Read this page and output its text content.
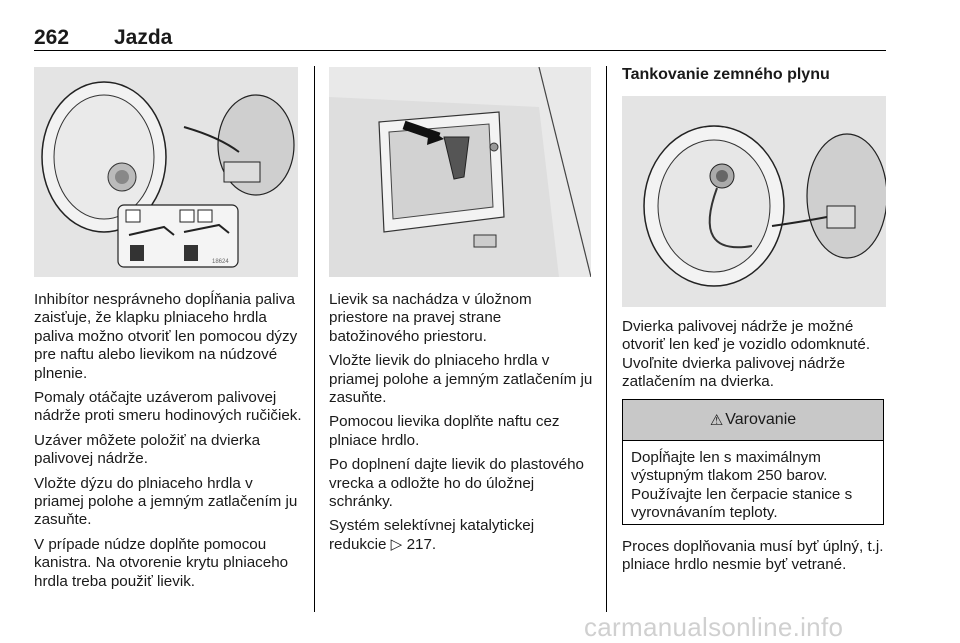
262 Jazda
18624

Inhibítor nesprávneho dopĺňania paliva zaisťuje, že klapku plniaceho hrdla paliva možno otvoriť len pomocou dýzy pre naftu alebo lievikom na núdzové plnenie.

Pomaly otáčajte uzáverom palivovej nádrže proti smeru hodinových ručičiek.

Uzáver môžete položiť na dvierka palivovej nádrže.

Vložte dýzu do plniaceho hrdla v priamej polohe a jemným zatlačením ju zasuňte.

V prípade núdze doplňte pomocou kanistra. Na otvorenie krytu plniaceho hrdla treba použiť lievik.

Lievik sa nachádza v úložnom priestore na pravej strane batožinového priestoru.

Vložte lievik do plniaceho hrdla v priamej polohe a jemným zatlačením ju zasuňte.

Pomocou lievika doplňte naftu cez plniace hrdlo.

Po doplnení dajte lievik do plastového vrecka a odložte ho do úložnej schránky.

Systém selektívnej katalytickej redukcie ▷ 217.

Tankovanie zemného plynu

Dvierka palivovej nádrže je možné otvoriť len keď je vozidlo odomknuté. Uvoľnite dvierka palivovej nádrže zatlačením na dvierka.

⚠ Varovanie
Dopĺňajte len s maximálnym výstupným tlakom 250 barov. Používajte len čerpacie stanice s vyrovnávaním teploty.

Proces doplňovania musí byť úplný, t.j. plniace hrdlo nesmie byť vetrané.

carmanualsonline.info
